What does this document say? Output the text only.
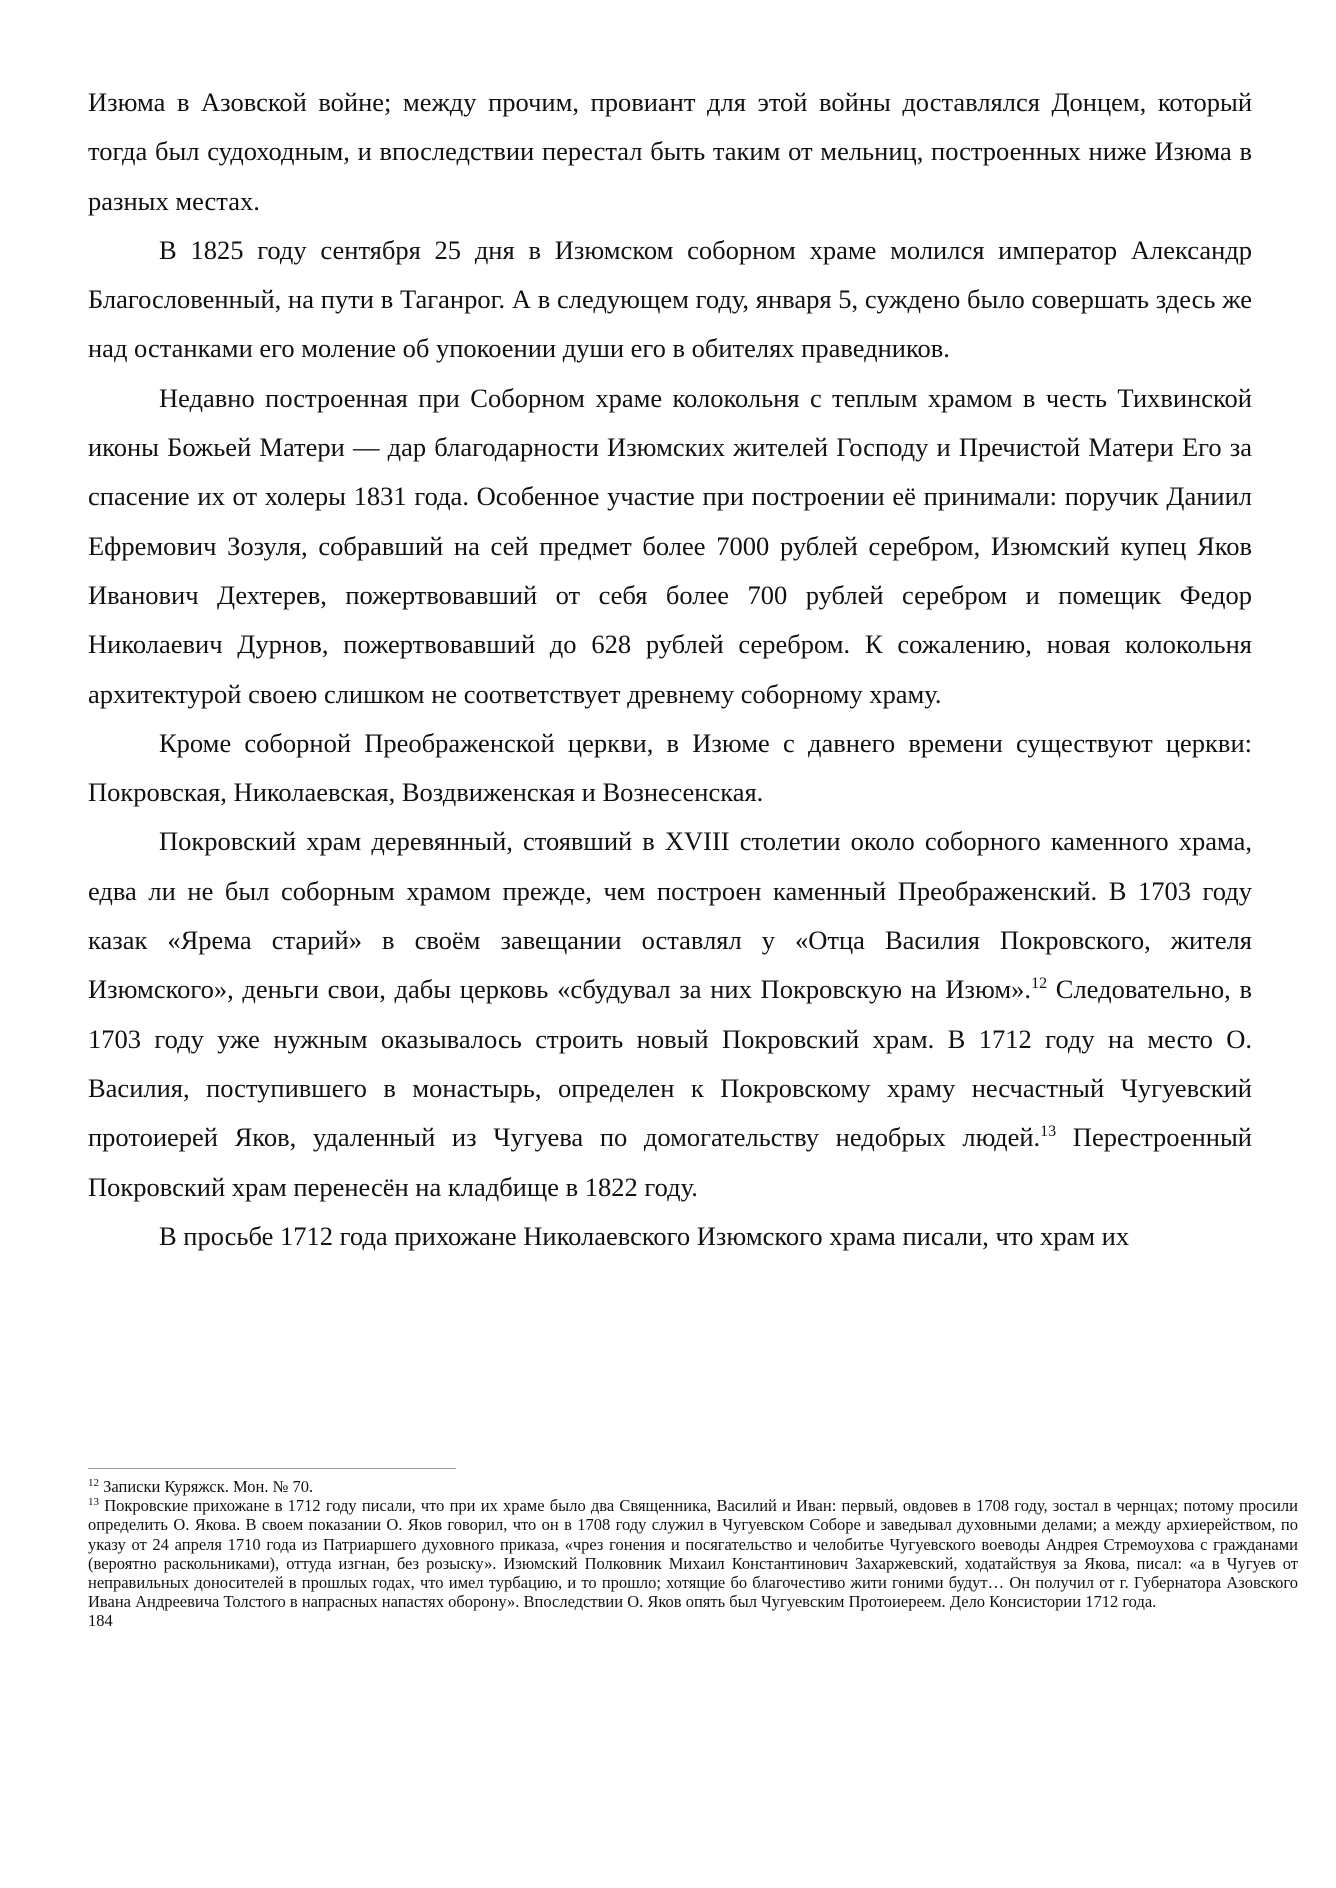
Изюма в Азовской войне; между прочим, провиант для этой войны доставлялся Донцем, который тогда был судоходным, и впоследствии перестал быть таким от мельниц, построенных ниже Изюма в разных местах.

В 1825 году сентября 25 дня в Изюмском соборном храме молился император Александр Благословенный, на пути в Таганрог. А в следующем году, января 5, суждено было совершать здесь же над останками его моление об упокоении души его в обителях праведников.

Недавно построенная при Соборном храме колокольня с теплым храмом в честь Тихвинской иконы Божьей Матери — дар благодарности Изюмских жителей Господу и Пречистой Матери Его за спасение их от холеры 1831 года. Особенное участие при построении её принимали: поручик Даниил Ефремович Зозуля, собравший на сей предмет более 7000 рублей серебром, Изюмский купец Яков Иванович Дехтерев, пожертвовавший от себя более 700 рублей серебром и помещик Федор Николаевич Дурнов, пожертвовавший до 628 рублей серебром. К сожалению, новая колокольня архитектурой своею слишком не соответствует древнему соборному храму.

Кроме соборной Преображенской церкви, в Изюме с давнего времени существуют церкви: Покровская, Николаевская, Воздвиженская и Вознесенская.

Покровский храм деревянный, стоявший в XVIII столетии около соборного каменного храма, едва ли не был соборным храмом прежде, чем построен каменный Преображенский. В 1703 году казак «Ярема старий» в своём завещании оставлял у «Отца Василия Покровского, жителя Изюмского», деньги свои, дабы церковь «сбудувал за них Покровскую на Изюм».$^{12}$ Следовательно, в 1703 году уже нужным оказывалось строить новый Покровский храм. В 1712 году на место О. Василия, поступившего в монастырь, определен к Покровскому храму несчастный Чугуевский протоиерей Яков, удаленный из Чугуева по домогательству недобрых людей.$^{13}$ Перестроенный Покровский храм перенесён на кладбище в 1822 году.

В просьбе 1712 года прихожане Николаевского Изюмского храма писали, что храм их

$^{12}$ Записки Куряжск. Мон. № 70.

$^{13}$ Покровские прихожане в 1712 году писали, что при их храме было два Священника, Василий и Иван: первый, овдовев в 1708 году, зостал в чернцах; потому просили определить О. Якова. В своем показании О. Яков говорил, что он в 1708 году служил в Чугуевском Соборе и заведывал духовными делами; а между архиерейством, по указу от 24 апреля 1710 года из Патриаршего духовного приказа, «чрез гонения и посягательство и челобитье Чугуевского воеводы Андрея Стремоухова с гражданами (вероятно раскольниками), оттуда изгнан, без розыску». Изюмский Полковник Михаил Константинович Захаржевский, ходатайствуя за Якова, писал: «а в Чугуев от неправильных доносителей в прошлых годах, что имел турбацию, и то прошло; хотящие бо благочестиво жити гоними будут… Он получил от г. Губернатора Азовского Ивана Андреевича Толстого в напрасных напастях оборону». Впоследствии О. Яков опять был Чугуевским Протоиереем. Дело Консистории 1712 года.

184
